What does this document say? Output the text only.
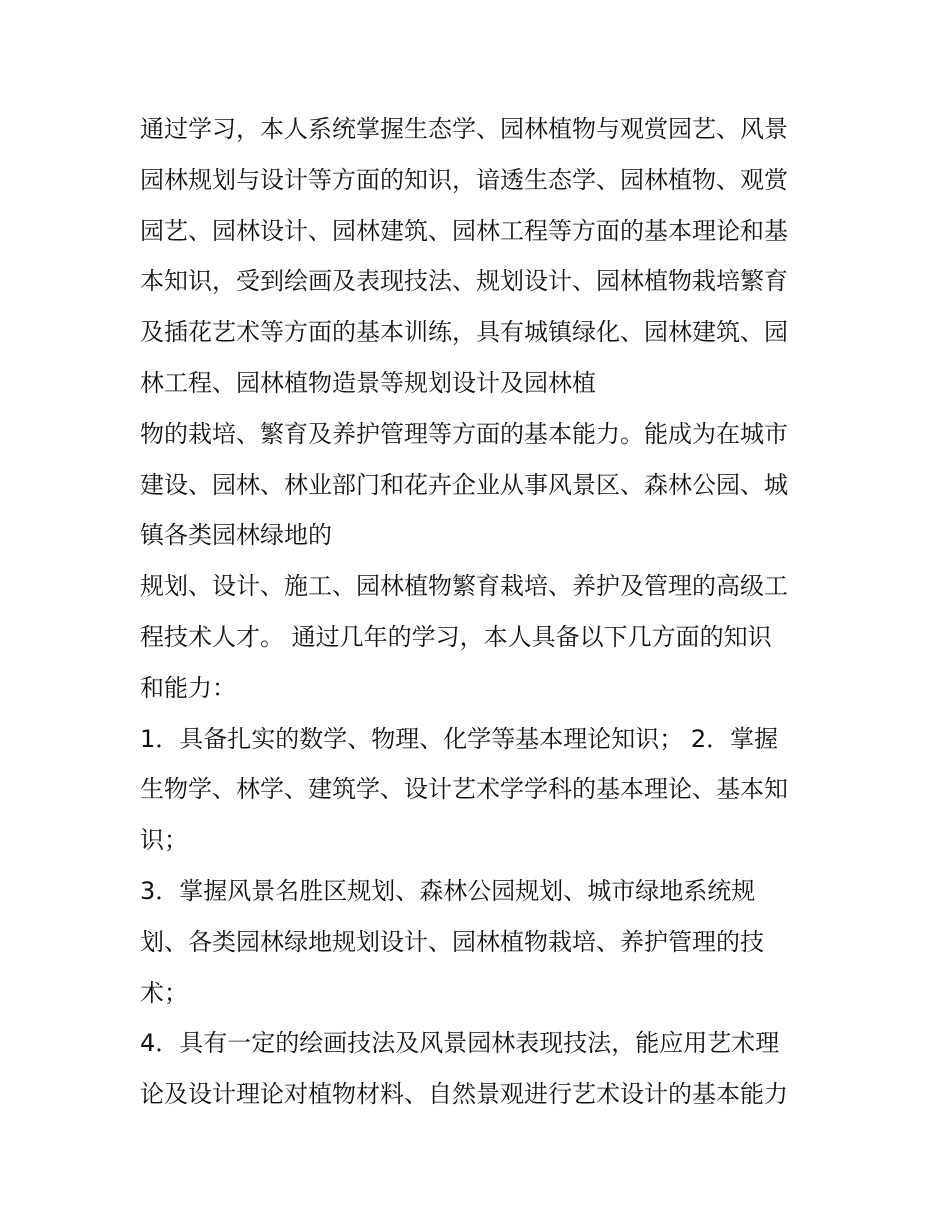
通过学习，本人系统掌握生态学、园林植物与观赏园艺、风景
园林规划与设计等方面的知识，谙透生态学、园林植物、观赏
园艺、园林设计、园林建筑、园林工程等方面的基本理论和基
本知识，受到绘画及表现技法、规划设计、园林植物栽培繁育
及插花艺术等方面的基本训练，具有城镇绿化、园林建筑、园
林工程、园林植物造景等规划设计及园林植
物的栽培、繁育及养护管理等方面的基本能力。能成为在城市
建设、园林、林业部门和花卉企业从事风景区、森林公园、城
镇各类园林绿地的
规划、设计、施工、园林植物繁育栽培、养护及管理的高级工
程技术人才。 通过几年的学习，本人具备以下几方面的知识
和能力：
1．具备扎实的数学、物理、化学等基本理论知识； 2．掌握
生物学、林学、建筑学、设计艺术学学科的基本理论、基本知
识；
3．掌握风景名胜区规划、森林公园规划、城市绿地系统规
划、各类园林绿地规划设计、园林植物栽培、养护管理的技
术；
4．具有一定的绘画技法及风景园林表现技法，能应用艺术理
论及设计理论对植物材料、自然景观进行艺术设计的基本能力
